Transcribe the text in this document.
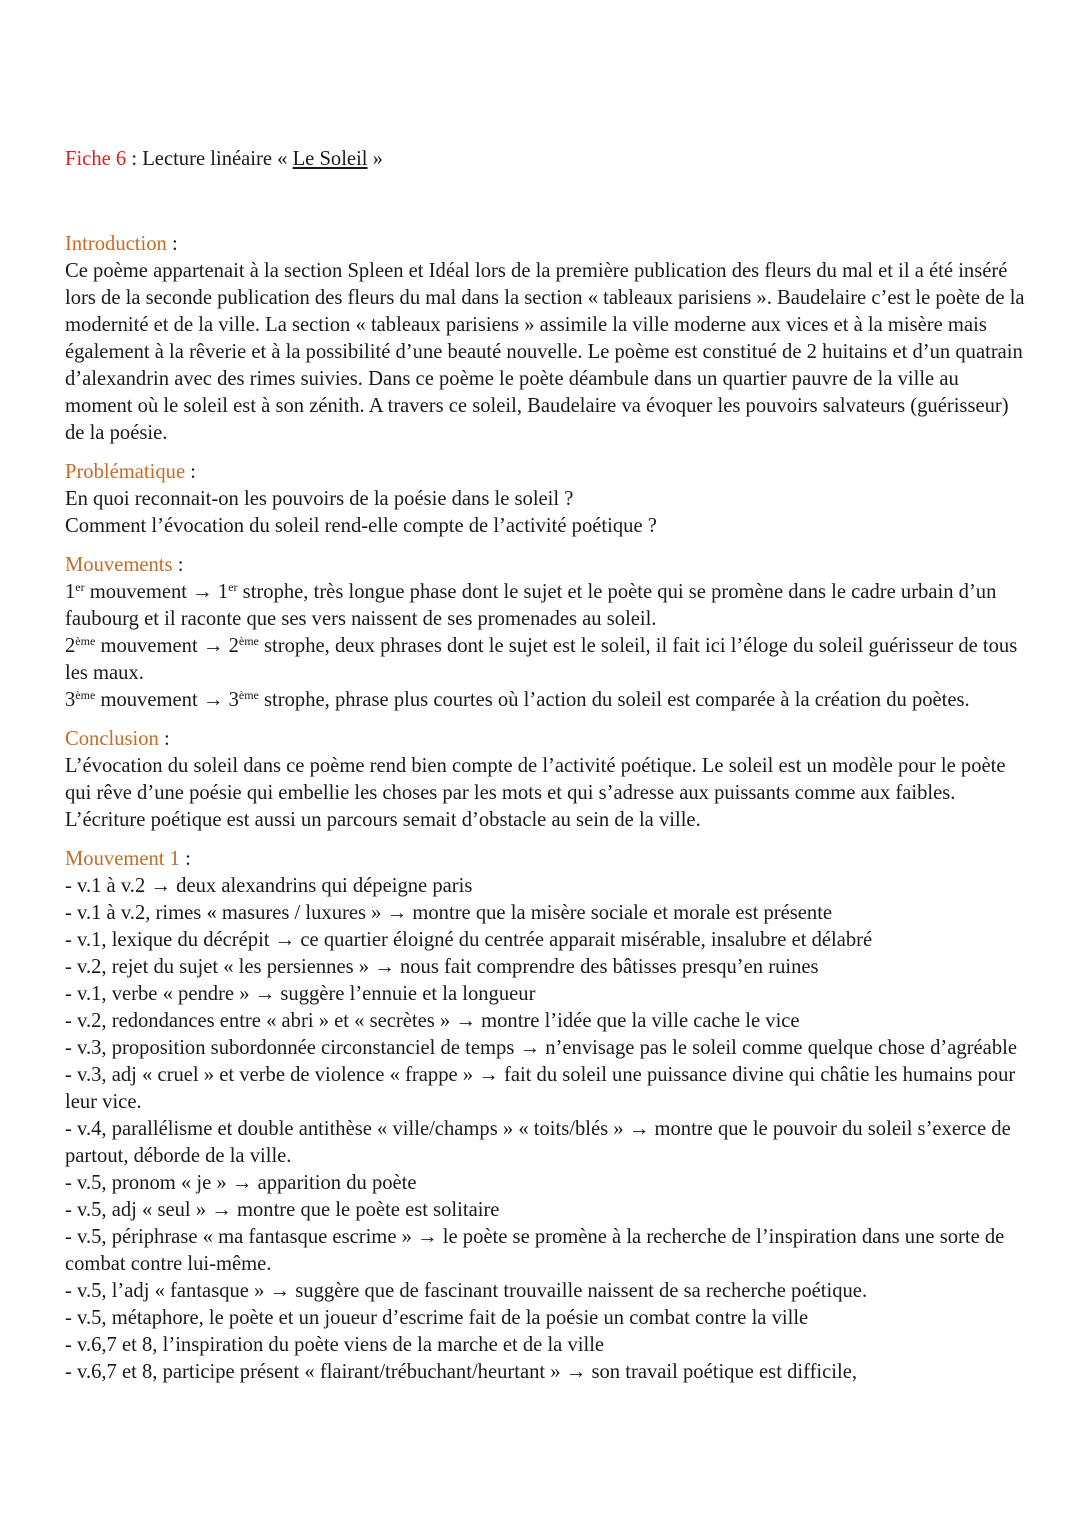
Fiche 6 : Lecture linéaire « Le Soleil »
Introduction :

Ce poème appartenait à la section Spleen et Idéal lors de la première publication des fleurs du mal et il a été inséré lors de la seconde publication des fleurs du mal dans la section « tableaux parisiens ». Baudelaire c’est le poète de la modernité et de la ville. La section « tableaux parisiens » assimile la ville moderne aux vices et à la misère mais également à la rêverie et à la possibilité d’une beauté nouvelle. Le poème est constitué de 2 huitains et d’un quatrain d’alexandrin avec des rimes suivies. Dans ce poème le poète déambule dans un quartier pauvre de la ville au moment où le soleil est à son zénith. A travers ce soleil, Baudelaire va évoquer les pouvoirs salvateurs (guérisseur) de la poésie.

Problématique :

En quoi reconnait-on les pouvoirs de la poésie dans le soleil ?

Comment l’évocation du soleil rend-elle compte de l’activité poétique ?

Mouvements :
1er mouvement → 1er strophe, très longue phase dont le sujet et le poète qui se promène dans le cadre urbain d’un faubourg et il raconte que ses vers naissent de ses promenades au soleil.
2ème mouvement → 2ème strophe, deux phrases dont le sujet est le soleil, il fait ici l’éloge du soleil guérisseur de tous les maux.
3ème mouvement → 3ème strophe, phrase plus courtes où l’action du soleil est comparée à la création du poètes.
Conclusion :

L’évocation du soleil dans ce poème rend bien compte de l’activité poétique. Le soleil est un modèle pour le poète qui rêve d’une poésie qui embellie les choses par les mots et qui s’adresse aux puissants comme aux faibles. L’écriture poétique est aussi un parcours semait d’obstacle au sein de la ville.

Mouvement 1 :
- v.1 à v.2 → deux alexandrins qui dépeigne paris
- v.1 à v.2, rimes « masures / luxures » → montre que la misère sociale et morale est présente
- v.1, lexique du décrépit → ce quartier éloigné du centrée apparait misérable, insalubre et délabré
- v.2, rejet du sujet « les persiennes » → nous fait comprendre des bâtisses presqu’en ruines
- v.1, verbe « pendre » → suggère l’ennuie et la longueur
- v.2, redondances entre « abri » et « secrètes » → montre l’idée que la ville cache le vice
- v.3, proposition subordonnée circonstanciel de temps → n’envisage pas le soleil comme quelque chose d’agréable
- v.3, adj « cruel » et verbe de violence « frappe » → fait du soleil une puissance divine qui châtie les humains pour leur vice.
- v.4, parallélisme et double antithèse « ville/champs » « toits/blés » → montre que le pouvoir du soleil s’exerce de partout, déborde de la ville.
- v.5, pronom « je » → apparition du poète
- v.5, adj « seul » → montre que le poète est solitaire
- v.5, périphrase « ma fantasque escrime » → le poète se promène à la recherche de l’inspiration dans une sorte de combat contre lui-même.
- v.5, l’adj « fantasque » → suggère que de fascinant trouvaille naissent de sa recherche poétique.
- v.5, métaphore, le poète et un joueur d’escrime fait de la poésie un combat contre la ville
- v.6,7 et 8, l’inspiration du poète viens de la marche et de la ville
- v.6,7 et 8, participe présent « flairant/trébuchant/heurtant » → son travail poétique est difficile,
